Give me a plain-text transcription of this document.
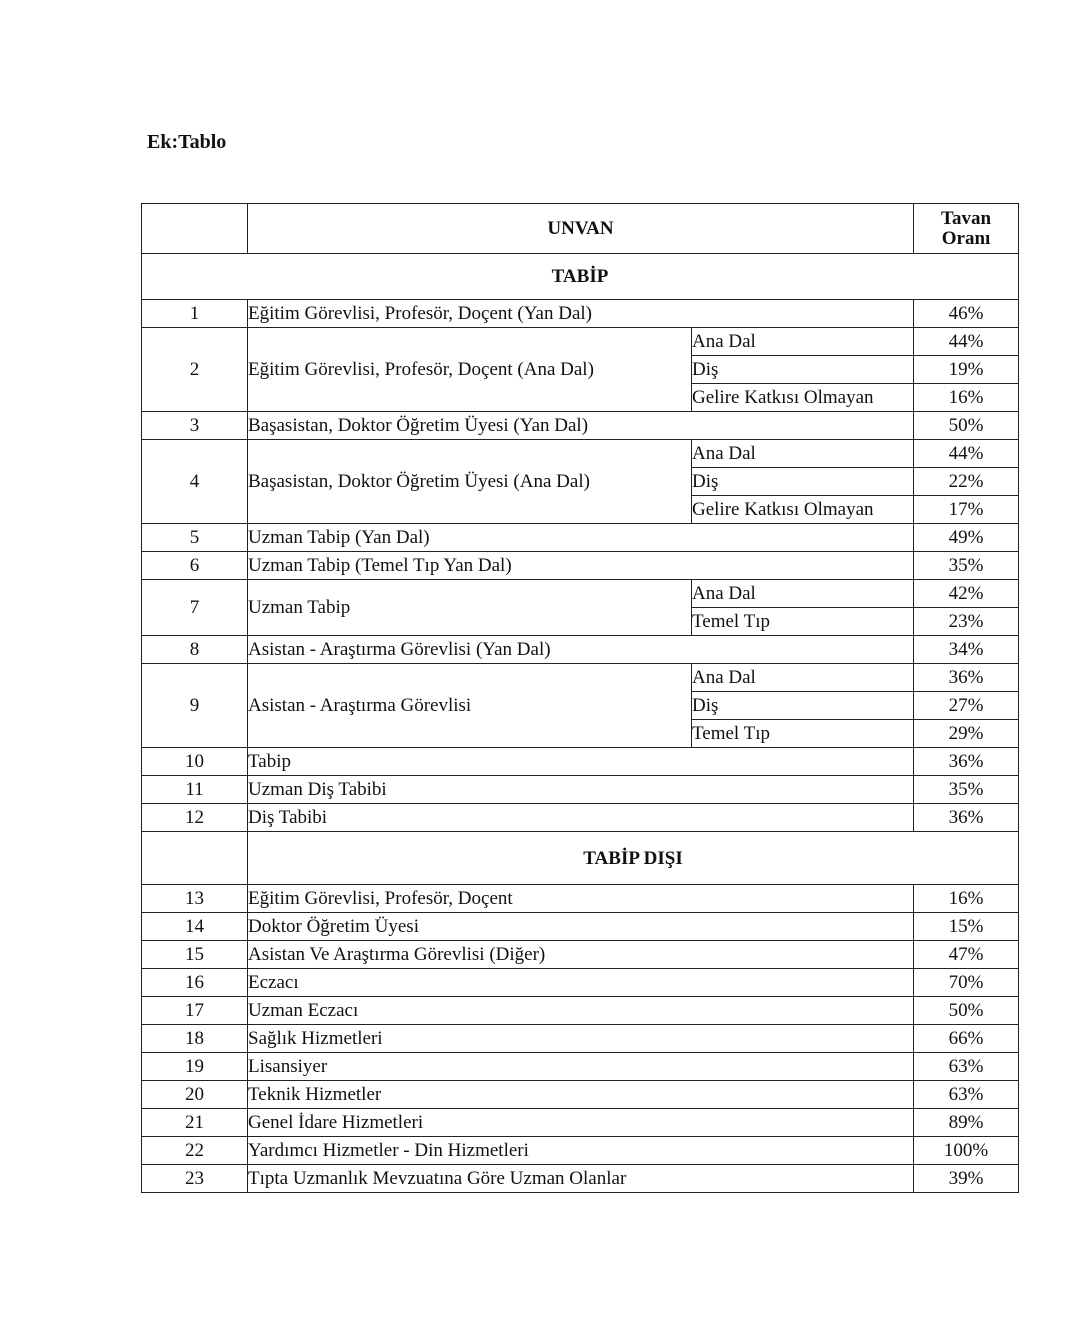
Ek:Tablo
	UNVAN		Tavan
Oranı

TABİP			
1	Eğitim Görevlisi, Profesör, Doçent (Yan Dal)		46%
2	Eğitim Görevlisi, Profesör, Doçent (Ana Dal)	Ana Dal	44%
		Diş	19%
		Gelire Katkısı Olmayan	16%
3	Başasistan, Doktor Öğretim Üyesi (Yan Dal)		50%
4	Başasistan, Doktor Öğretim Üyesi (Ana Dal)	Ana Dal	44%
		Diş	22%
		Gelire Katkısı Olmayan	17%
5	Uzman Tabip (Yan Dal)		49%
6	Uzman Tabip (Temel Tıp Yan Dal)		35%
7	Uzman Tabip	Ana Dal	42%
		Temel Tıp	23%
8	Asistan - Araştırma Görevlisi (Yan Dal)		34%
9	Asistan - Araştırma Görevlisi	Ana Dal	36%
		Diş	27%
		Temel Tıp	29%
10	Tabip		36%
11	Uzman Diş Tabibi		35%
12	Diş Tabibi		36%
	TABİP DIŞI		
13	Eğitim Görevlisi, Profesör, Doçent		16%
14	Doktor Öğretim Üyesi		15%
15	Asistan Ve Araştırma Görevlisi (Diğer)		47%
16	Eczacı		70%
17	Uzman Eczacı		50%
18	Sağlık Hizmetleri		66%
19	Lisansiyer		63%
20	Teknik Hizmetler		63%
21	Genel İdare Hizmetleri		89%
22	Yardımcı Hizmetler - Din Hizmetleri		100%
23	Tıpta Uzmanlık Mevzuatına Göre Uzman Olanlar		39%
